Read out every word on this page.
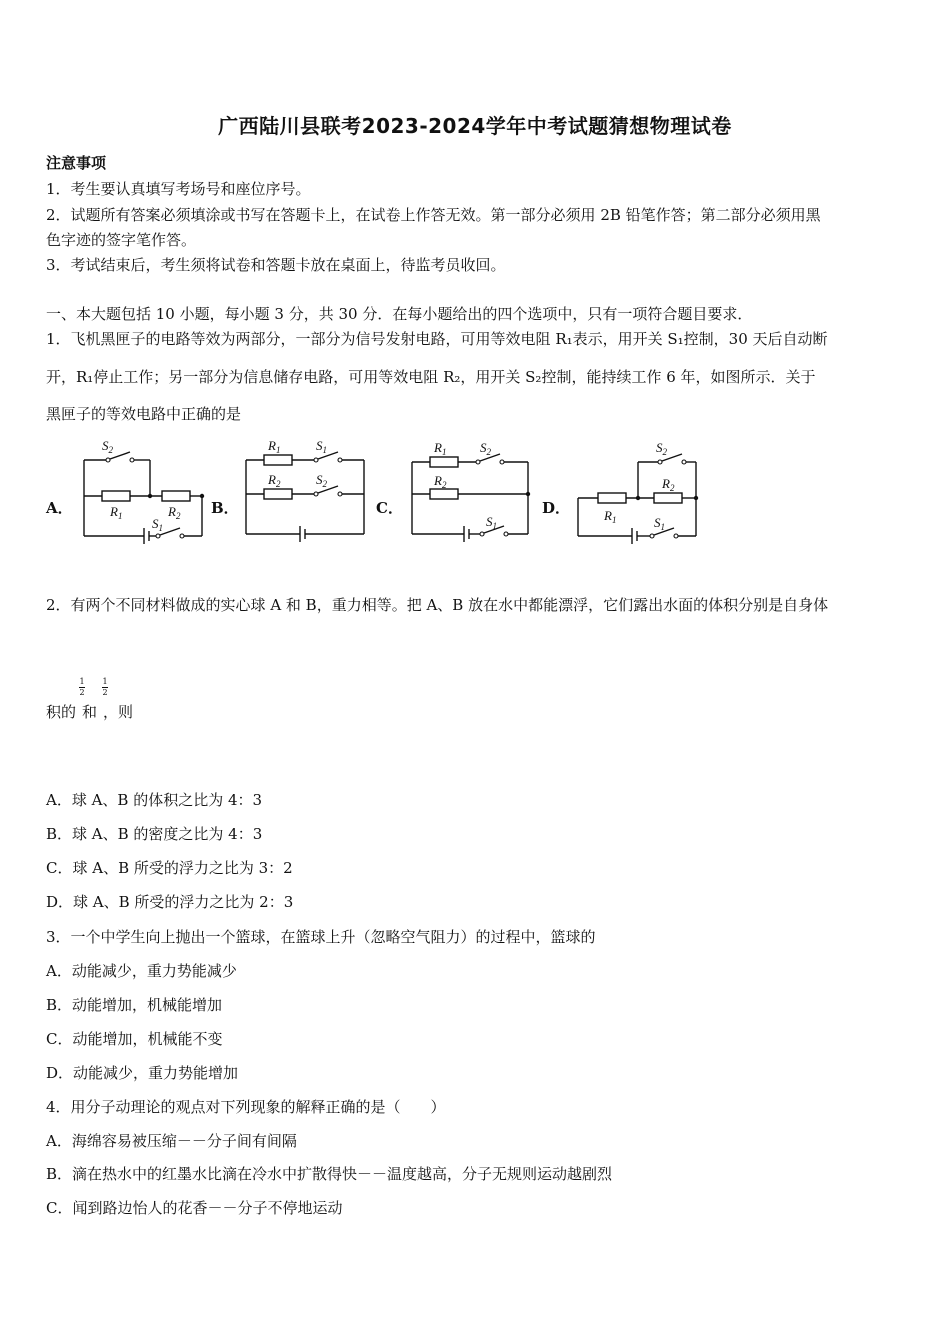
广西陆川县联考2023-2024学年中考试题猜想物理试卷
注意事项
1．考生要认真填写考场号和座位序号。
2．试题所有答案必须填涂或书写在答题卡上，在试卷上作答无效。第一部分必须用 2B 铅笔作答；第二部分必须用黑
色字迹的签字笔作答。
3．考试结束后，考生须将试卷和答题卡放在桌面上，待监考员收回。
一、本大题包括 10 小题，每小题 3 分，共 30 分．在每小题给出的四个选项中，只有一项符合题目要求．
1．飞机黑匣子的电路等效为两部分，一部分为信号发射电路，可用等效电阻 R₁表示，用开关 S₁控制，30 天后自动断
开，R₁停止工作；另一部分为信息储存电路，可用等效电阻 R₂，用开关 S₂控制，能持续工作 6 年，如图所示．关于
黑匣子的等效电路中正确的是
A．
$S_2$
$R_1$	$R_2$
$S_1$
B．
$R_1$	$S_1$
$R_2$	$S_2$
C．
$R_1$	$S_2$
$R_2$
$S_1$
D．
$S_2$
$R_1$
$R_2$
$S_1$
2．有两个不同材料做成的实心球 A 和 B，重力相等。把 A、B 放在水中都能漂浮，它们露出水面的体积分别是自身体
积的 和 ，则
1
2
1
2
A．球 A、B 的体积之比为 4：3
B．球 A、B 的密度之比为 4：3
C．球 A、B 所受的浮力之比为 3：2
D．球 A、B 所受的浮力之比为 2：3
3．一个中学生向上抛出一个篮球，在篮球上升（忽略空气阻力）的过程中，篮球的
A．动能减少，重力势能减少
B．动能增加，机械能增加
C．动能增加，机械能不变
D．动能减少，重力势能增加
4．用分子动理论的观点对下列现象的解释正确的是（　　）
A．海绵容易被压缩－－分子间有间隔
B．滴在热水中的红墨水比滴在冷水中扩散得快－－温度越高，分子无规则运动越剧烈
C．闻到路边怡人的花香－－分子不停地运动
